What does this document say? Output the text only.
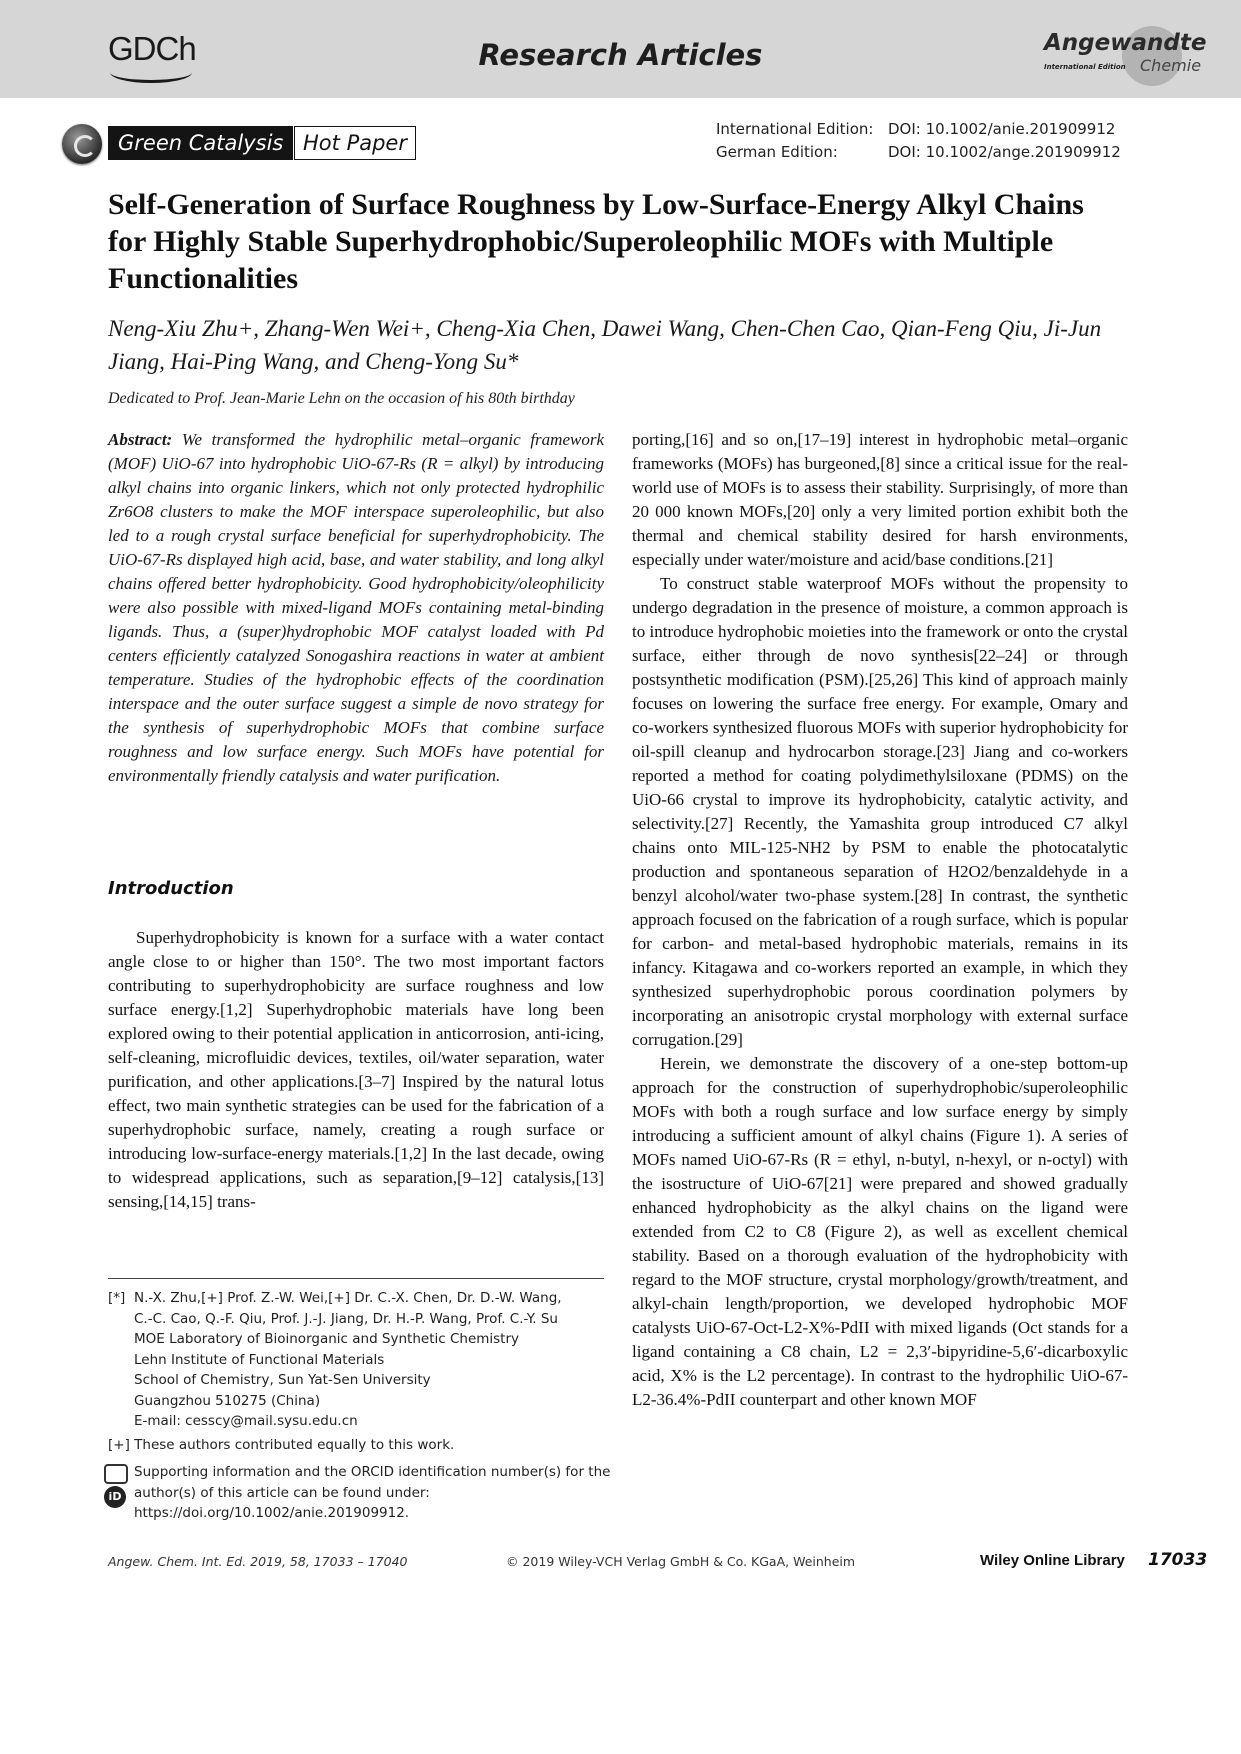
GDCh	Research Articles	Angewandte
International Edition Chemie
Green Catalysis Hot Paper
International Edition: DOI: 10.1002/anie.201909912
German Edition:	DOI: 10.1002/ange.201909912
Self-Generation of Surface Roughness by Low-Surface-Energy Alkyl Chains for Highly Stable Superhydrophobic/Superoleophilic MOFs with Multiple Functionalities
Neng-Xiu Zhu+, Zhang-Wen Wei+, Cheng-Xia Chen, Dawei Wang, Chen-Chen Cao, Qian-Feng Qiu, Ji-Jun Jiang, Hai-Ping Wang, and Cheng-Yong Su*
Dedicated to Prof. Jean-Marie Lehn on the occasion of his 80th birthday

Abstract: We transformed the hydrophilic metal–organic framework (MOF) UiO-67 into hydrophobic UiO-67-Rs (R = alkyl) by introducing alkyl chains into organic linkers, which not only protected hydrophilic Zr6O8 clusters to make the MOF interspace superoleophilic, but also led to a rough crystal surface beneficial for superhydrophobicity. The UiO-67-Rs displayed high acid, base, and water stability, and long alkyl chains offered better hydrophobicity. Good hydrophobicity/oleophilicity were also possible with mixed-ligand MOFs containing metal-binding ligands. Thus, a (super)hydrophobic MOF catalyst loaded with Pd centers efficiently catalyzed Sonogashira reactions in water at ambient temperature. Studies of the hydrophobic effects of the coordination interspace and the outer surface suggest a simple de novo strategy for the synthesis of superhydrophobic MOFs that combine surface roughness and low surface energy. Such MOFs have potential for environmentally friendly catalysis and water purification.

Introduction

Superhydrophobicity is known for a surface with a water contact angle close to or higher than 150°. The two most important factors contributing to superhydrophobicity are surface roughness and low surface energy.[1,2] Superhydrophobic materials have long been explored owing to their potential application in anticorrosion, anti-icing, self-cleaning, microfluidic devices, textiles, oil/water separation, water purification, and other applications.[3–7] Inspired by the natural lotus effect, two main synthetic strategies can be used for the fabrication of a superhydrophobic surface, namely, creating a rough surface or introducing low-surface-energy materials.[1,2] In the last decade, owing to widespread applications, such as separation,[9–12] catalysis,[13] sensing,[14,15] trans-

porting,[16] and so on,[17–19] interest in hydrophobic metal–organic frameworks (MOFs) has burgeoned,[8] since a critical issue for the real-world use of MOFs is to assess their stability. Surprisingly, of more than 20 000 known MOFs,[20] only a very limited portion exhibit both the thermal and chemical stability desired for harsh environments, especially under water/moisture and acid/base conditions.[21]

To construct stable waterproof MOFs without the propensity to undergo degradation in the presence of moisture, a common approach is to introduce hydrophobic moieties into the framework or onto the crystal surface, either through de novo synthesis[22–24] or through postsynthetic modification (PSM).[25,26] This kind of approach mainly focuses on lowering the surface free energy. For example, Omary and co-workers synthesized fluorous MOFs with superior hydrophobicity for oil-spill cleanup and hydrocarbon storage.[23] Jiang and co-workers reported a method for coating polydimethylsiloxane (PDMS) on the UiO-66 crystal to improve its hydrophobicity, catalytic activity, and selectivity.[27] Recently, the Yamashita group introduced C7 alkyl chains onto MIL-125-NH2 by PSM to enable the photocatalytic production and spontaneous separation of H2O2/benzaldehyde in a benzyl alcohol/water two-phase system.[28] In contrast, the synthetic approach focused on the fabrication of a rough surface, which is popular for carbon- and metal-based hydrophobic materials, remains in its infancy. Kitagawa and co-workers reported an example, in which they synthesized superhydrophobic porous coordination polymers by incorporating an anisotropic crystal morphology with external surface corrugation.[29]

Herein, we demonstrate the discovery of a one-step bottom-up approach for the construction of superhydrophobic/superoleophilic MOFs with both a rough surface and low surface energy by simply introducing a sufficient amount of alkyl chains (Figure 1). A series of MOFs named UiO-67-Rs (R = ethyl, n-butyl, n-hexyl, or n-octyl) with the isostructure of UiO-67[21] were prepared and showed gradually enhanced hydrophobicity as the alkyl chains on the ligand were extended from C2 to C8 (Figure 2), as well as excellent chemical stability. Based on a thorough evaluation of the hydrophobicity with regard to the MOF structure, crystal morphology/growth/treatment, and alkyl-chain length/proportion, we developed hydrophobic MOF catalysts UiO-67-Oct-L2-X%-PdII with mixed ligands (Oct stands for a ligand containing a C8 chain, L2 = 2,3′-bipyridine-5,6′-dicarboxylic acid, X% is the L2 percentage). In contrast to the hydrophilic UiO-67-L2-36.4%-PdII counterpart and other known MOF

[*] N.-X. Zhu,[+] Prof. Z.-W. Wei,[+] Dr. C.-X. Chen, Dr. D.-W. Wang,
C.-C. Cao, Q.-F. Qiu, Prof. J.-J. Jiang, Dr. H.-P. Wang, Prof. C.-Y. Su
MOE Laboratory of Bioinorganic and Synthetic Chemistry
Lehn Institute of Functional Materials
School of Chemistry, Sun Yat-Sen University
Guangzhou 510275 (China)
E-mail: cesscy@mail.sysu.edu.cn
[+] These authors contributed equally to this work.
iD
Supporting information and the ORCID identification number(s) for the author(s) of this article can be found under: https://doi.org/10.1002/anie.201909912.
Angew. Chem. Int. Ed. 2019, 58, 17033 – 17040	© 2019 Wiley-VCH Verlag GmbH & Co. KGaA, Weinheim	Wiley Online Library 17033
